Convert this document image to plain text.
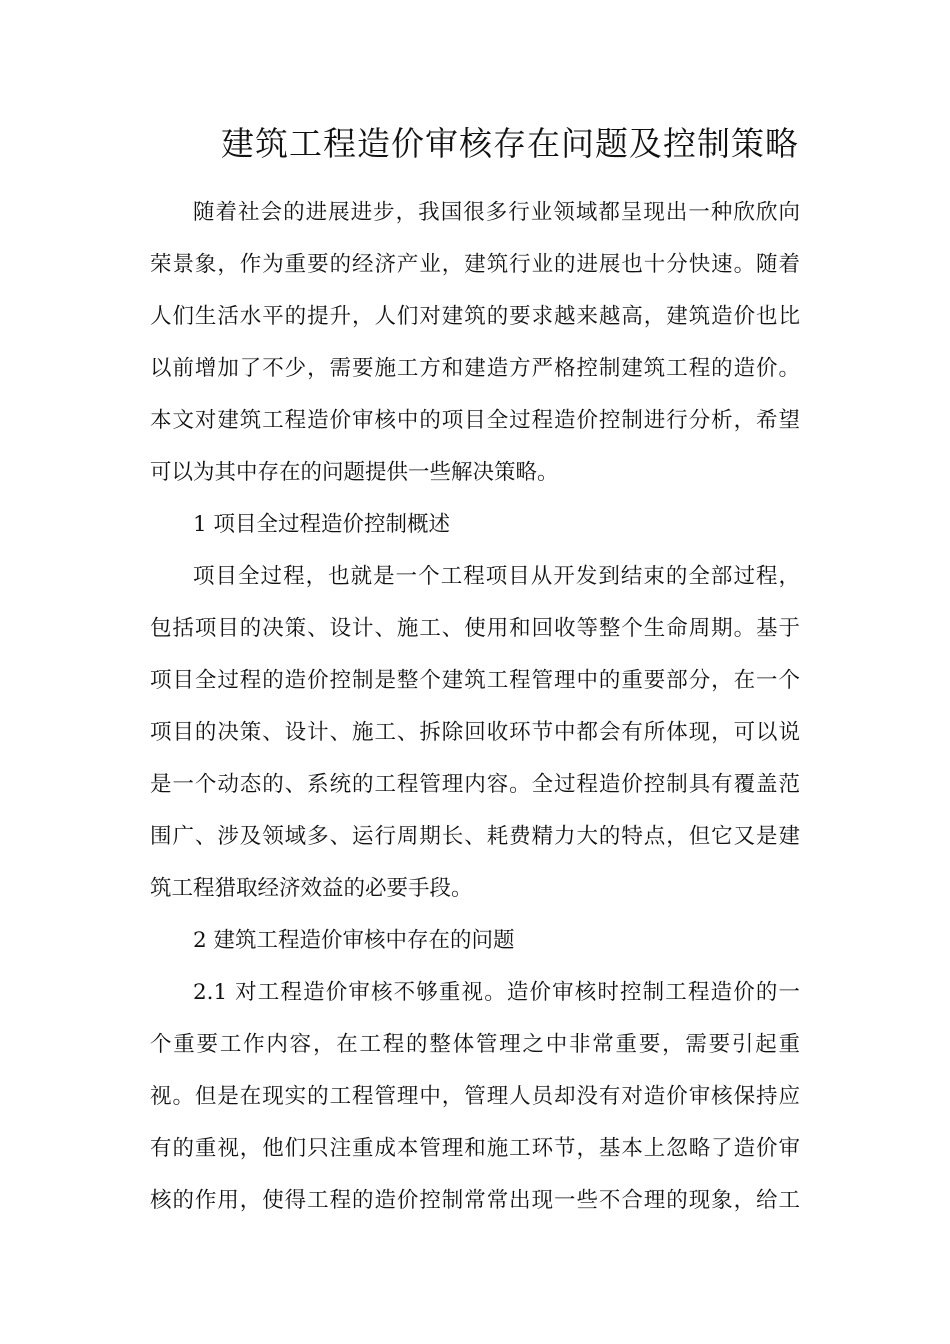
建筑工程造价审核存在问题及控制策略
随着社会的进展进步，我国很多行业领域都呈现出一种欣欣向
荣景象，作为重要的经济产业，建筑行业的进展也十分快速。随着
人们生活水平的提升，人们对建筑的要求越来越高，建筑造价也比
以前增加了不少，需要施工方和建造方严格控制建筑工程的造价。
本文对建筑工程造价审核中的项目全过程造价控制进行分析，希望
可以为其中存在的问题提供一些解决策略。
1 项目全过程造价控制概述
项目全过程，也就是一个工程项目从开发到结束的全部过程，
包括项目的决策、设计、施工、使用和回收等整个生命周期。基于
项目全过程的造价控制是整个建筑工程管理中的重要部分，在一个
项目的决策、设计、施工、拆除回收环节中都会有所体现，可以说
是一个动态的、系统的工程管理内容。全过程造价控制具有覆盖范
围广、涉及领域多、运行周期长、耗费精力大的特点，但它又是建
筑工程猎取经济效益的必要手段。
2 建筑工程造价审核中存在的问题
2.1 对工程造价审核不够重视。造价审核时控制工程造价的一
个重要工作内容，在工程的整体管理之中非常重要，需要引起重
视。但是在现实的工程管理中，管理人员却没有对造价审核保持应
有的重视，他们只注重成本管理和施工环节，基本上忽略了造价审
核的作用，使得工程的造价控制常常出现一些不合理的现象，给工
